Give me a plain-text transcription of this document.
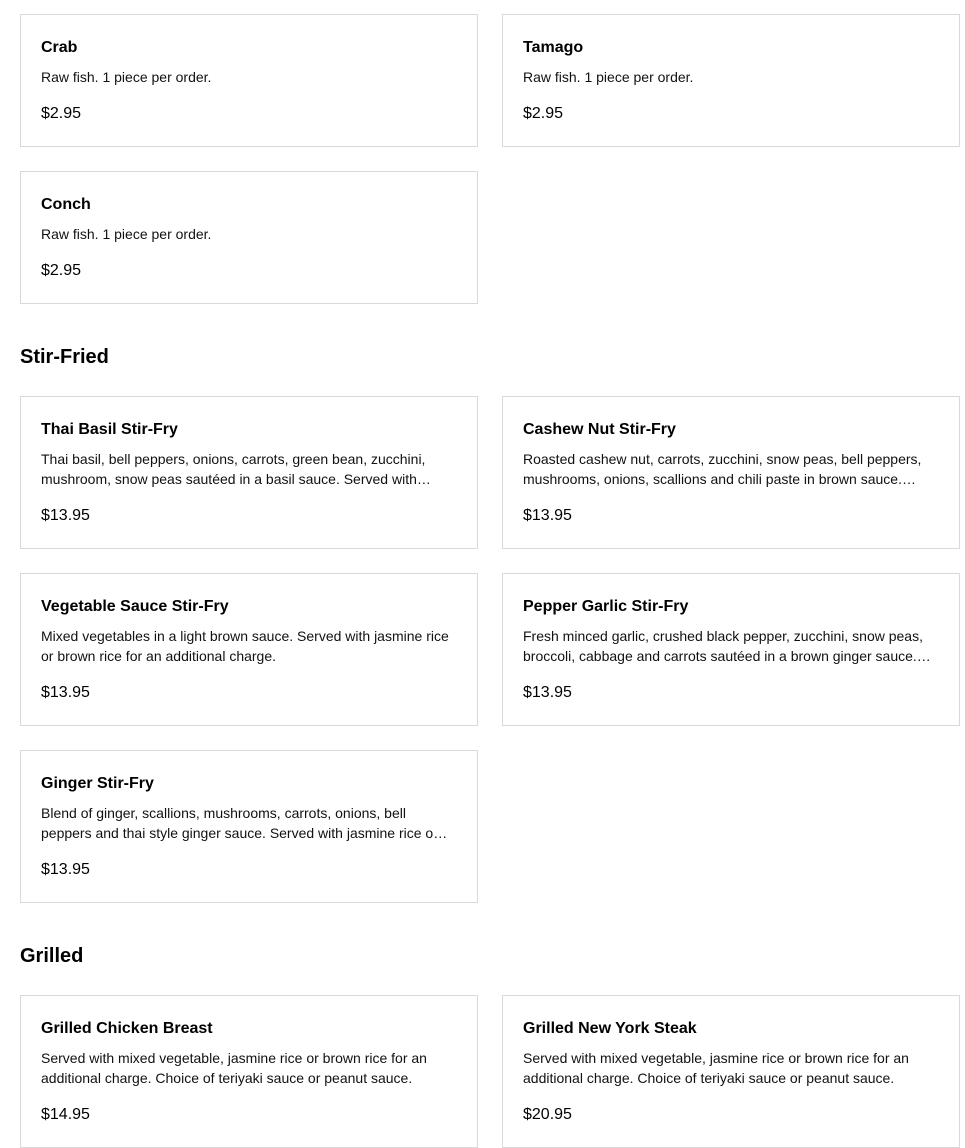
Crab
Raw fish. 1 piece per order.
$2.95
Tamago
Raw fish. 1 piece per order.
$2.95
Conch
Raw fish. 1 piece per order.
$2.95
Stir-Fried
Thai Basil Stir-Fry
Thai basil, bell peppers, onions, carrots, green bean, zucchini, mushroom, snow peas sautéed in a basil sauce. Served with…
$13.95
Cashew Nut Stir-Fry
Roasted cashew nut, carrots, zucchini, snow peas, bell peppers, mushrooms, onions, scallions and chili paste in brown sauce.…
$13.95
Vegetable Sauce Stir-Fry
Mixed vegetables in a light brown sauce. Served with jasmine rice or brown rice for an additional charge.
$13.95
Pepper Garlic Stir-Fry
Fresh minced garlic, crushed black pepper, zucchini, snow peas, broccoli, cabbage and carrots sautéed in a brown ginger sauce.…
$13.95
Ginger Stir-Fry
Blend of ginger, scallions, mushrooms, carrots, onions, bell peppers and thai style ginger sauce. Served with jasmine rice o…
$13.95
Grilled
Grilled Chicken Breast
Served with mixed vegetable, jasmine rice or brown rice for an additional charge. Choice of teriyaki sauce or peanut sauce.
$14.95
Grilled New York Steak
Served with mixed vegetable, jasmine rice or brown rice for an additional charge. Choice of teriyaki sauce or peanut sauce.
$20.95
